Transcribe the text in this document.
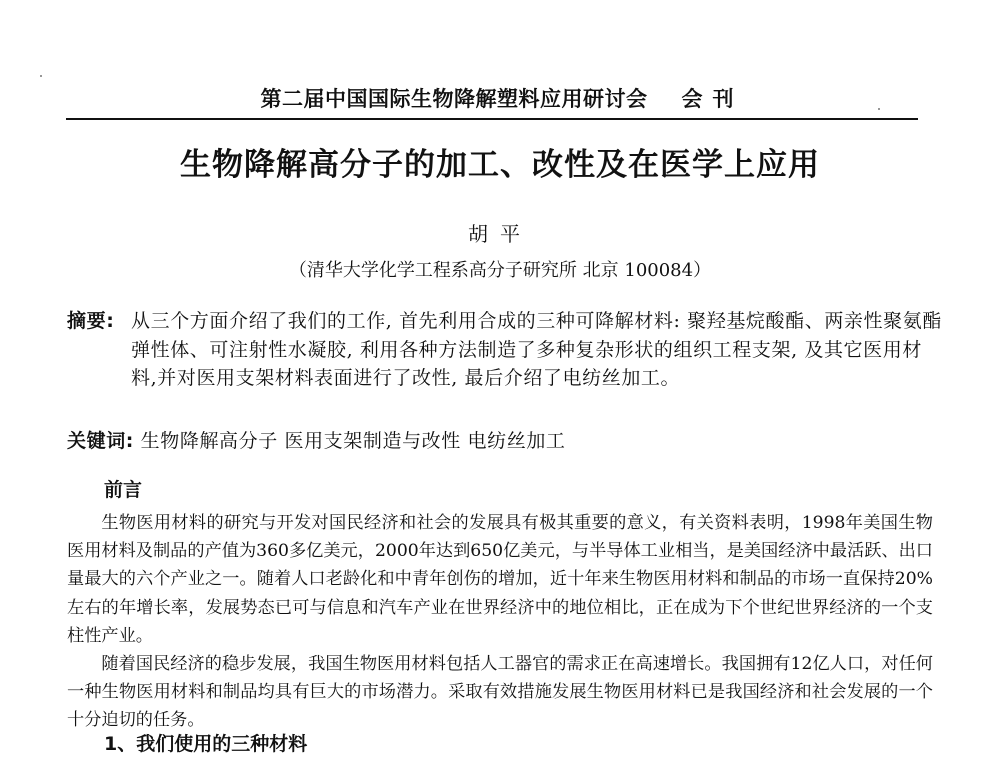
第二届中国国际生物降解塑料应用研讨会 会刊
生物降解高分子的加工、改性及在医学上应用
胡平
（清华大学化学工程系高分子研究所 北京 100084）
摘要: 从三个方面介绍了我们的工作, 首先利用合成的三种可降解材料: 聚羟基烷酸酯、两亲性聚氨酯弹性体、可注射性水凝胶, 利用各种方法制造了多种复杂形状的组织工程支架, 及其它医用材料,并对医用支架材料表面进行了改性, 最后介绍了电纺丝加工。
关键词: 生物降解高分子 医用支架制造与改性 电纺丝加工
前言
生物医用材料的研究与开发对国民经济和社会的发展具有极其重要的意义，有关资料表明，1998年美国生物医用材料及制品的产值为360多亿美元，2000年达到650亿美元，与半导体工业相当，是美国经济中最活跃、出口量最大的六个产业之一。随着人口老龄化和中青年创伤的增加，近十年来生物医用材料和制品的市场一直保持20%左右的年增长率，发展势态已可与信息和汽车产业在世界经济中的地位相比，正在成为下个世纪世界经济的一个支柱性产业。
随着国民经济的稳步发展，我国生物医用材料包括人工器官的需求正在高速增长。我国拥有12亿人口，对任何一种生物医用材料和制品均具有巨大的市场潜力。采取有效措施发展生物医用材料已是我国经济和社会发展的一个十分迫切的任务。
1、我们使用的三种材料
